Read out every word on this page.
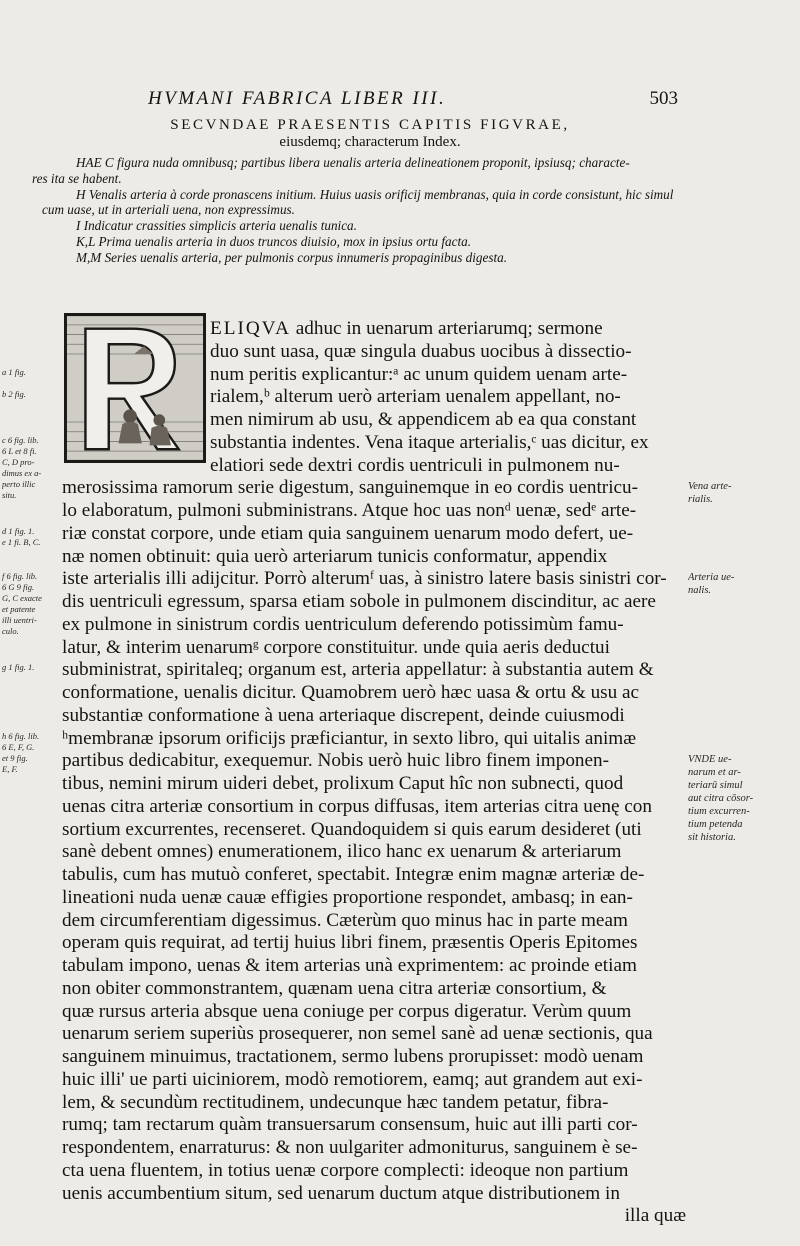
HVMANI FABRICA LIBER III.	503
SECVNDAE PRAESENTIS CAPITIS FIGVRAE,
eiusdemq; characterum Index.
HAE C figura nuda omnibusq; partibus libera uenalis arteria delineationem proponit, ipsiusq; characte-
res ita se habent.
H Venalis arteria à corde pronascens initium. Huius uasis orificij membranas, quia in corde consistunt, hic simul
cum uase, ut in arteriali uena, non expressimus.
I Indicatur crassities simplicis arteria uenalis tunica.
K,L Prima uenalis arteria in duos truncos diuisio, mox in ipsius ortu facta.
M,M Series uenalis arteria, per pulmonis corpus innumeris propaginibus digesta.
ELIQVA adhuc in uenarum arteriarumq; sermone
duo sunt uasa, quæ singula duabus uocibus à dissectio-
num peritis explicantur:ᵃ ac unum quidem uenam arte-
rialem,ᵇ alterum uerò arteriam uenalem appellant, no-
men nimirum ab usu, & appendicem ab ea qua constant
substantia indentes. Vena itaque arterialis,ᶜ uas dicitur, ex
elatiori sede dextri cordis uentriculi in pulmonem nu-
merosissima ramorum serie digestum, sanguinemque in eo cordis uentricu-
lo elaboratum, pulmoni subministrans. Atque hoc uas nonᵈ uenæ, sedᵉ arte-
riæ constat corpore, unde etiam quia sanguinem uenarum modo defert, ue-
næ nomen obtinuit: quia uerò arteriarum tunicis conformatur, appendix
iste arterialis illi adijcitur. Porrò alterumᶠ uas, à sinistro latere basis sinistri cor-
dis uentriculi egressum, sparsa etiam sobole in pulmonem discinditur, ac aere
ex pulmone in sinistrum cordis uentriculum deferendo potissimùm famu-
latur, & interim uenarumᵍ corpore constituitur. unde quia aeris deductui
subministrat, spiritaleq; organum est, arteria appellatur: à substantia autem &
conformatione, uenalis dicitur. Quamobrem uerò hæc uasa & ortu & usu ac
substantiæ conformatione à uena arteriaque discrepent, deinde cuiusmodi
ʰmembranæ ipsorum orificijs præficiantur, in sexto libro, qui uitalis animæ
partibus dedicabitur, exequemur. Nobis uerò huic libro finem imponen-
tibus, nemini mirum uideri debet, prolixum Caput hîc non subnecti, quod
uenas citra arteriæ consortium in corpus diffusas, item arterias citra uenę con
sortium excurrentes, recenseret. Quandoquidem si quis earum desideret (uti
sanè debent omnes) enumerationem, ilico hanc ex uenarum & arteriarum
tabulis, cum has mutuò conferet, spectabit. Integræ enim magnæ arteriæ de-
lineationi nuda uenæ cauæ effigies proportione respondet, ambasq; in ean-
dem circumferentiam digessimus. Cæterùm quo minus hac in parte meam
operam quis requirat, ad tertij huius libri finem, præsentis Operis Epitomes
tabulam impono, uenas & item arterias unà exprimentem: ac proinde etiam
non obiter commonstrantem, quænam uena citra arteriæ consortium, &
quæ rursus arteria absque uena coniuge per corpus digeratur. Verùm quum
uenarum seriem superiùs prosequerer, non semel sanè ad uenæ sectionis, qua
sanguinem minuimus, tractationem, sermo lubens prorupisset: modò uenam
huic illi' ue parti uiciniorem, modò remotiorem, eamq; aut grandem aut exi-
lem, & secundùm rectitudinem, undecunque hæc tandem petatur, fibra-
rumq; tam rectarum quàm transuersarum consensum, huic aut illi parti cor-
respondentem, enarraturus: & non uulgariter admoniturus, sanguinem è se-
cta uena fluentem, in totius uenæ corpore complecti: ideoque non partium
uenis accumbentium situm, sed uenarum ductum atque distributionem in
illa quæ
a 1 fig.
b 2 fig.
c 6 fig. lib.
6 L et 8 fi.
C, D pro-
dimus ex a-
perto illic
situ.
d 1 fig. 1.
e 1 fi. B, C.
f 6 fig. lib.
6 G 9 fig.
G, C exacte
et patente
illi uentri-
culo.
g 1 fig. 1.
h 6 fig. lib.
6 E, F, G.
et 9 fig.
E, F.
Vena arte-
rialis.
Arteria ue-
nalis.
VNDE ue-
narum et ar-
teriarū simul
aut citra cōsor-
tium excurren-
tium petenda
sit historia.
